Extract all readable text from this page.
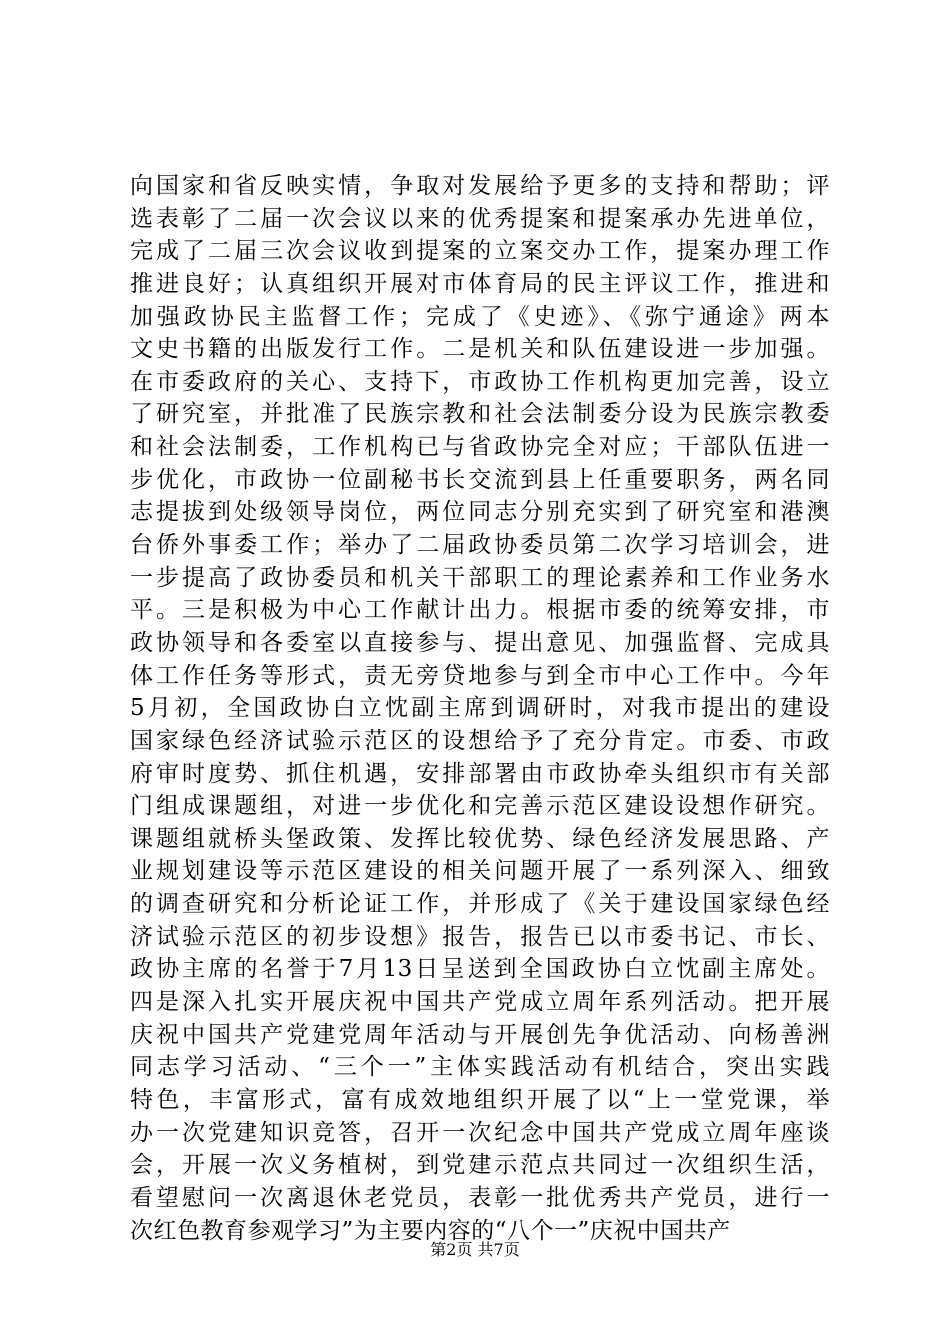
向国家和省反映实情，争取对发展给予更多的支持和帮助；评
选表彰了二届一次会议以来的优秀提案和提案承办先进单位，
完成了二届三次会议收到提案的立案交办工作，提案办理工作
推进良好；认真组织开展对市体育局的民主评议工作，推进和
加强政协民主监督工作；完成了《史迹》、《弥宁通途》两本
文史书籍的出版发行工作。二是机关和队伍建设进一步加强。
在市委政府的关心、支持下，市政协工作机构更加完善，设立
了研究室，并批准了民族宗教和社会法制委分设为民族宗教委
和社会法制委，工作机构已与省政协完全对应；干部队伍进一
步优化，市政协一位副秘书长交流到县上任重要职务，两名同
志提拔到处级领导岗位，两位同志分别充实到了研究室和港澳
台侨外事委工作；举办了二届政协委员第二次学习培训会，进
一步提高了政协委员和机关干部职工的理论素养和工作业务水
平。三是积极为中心工作献计出力。根据市委的统筹安排，市
政协领导和各委室以直接参与、提出意见、加强监督、完成具
体工作任务等形式，责无旁贷地参与到全市中心工作中。今年
5月初，全国政协白立忱副主席到调研时，对我市提出的建设
国家绿色经济试验示范区的设想给予了充分肯定。市委、市政
府审时度势、抓住机遇，安排部署由市政协牵头组织市有关部
门组成课题组，对进一步优化和完善示范区建设设想作研究。
课题组就桥头堡政策、发挥比较优势、绿色经济发展思路、产
业规划建设等示范区建设的相关问题开展了一系列深入、细致
的调查研究和分析论证工作，并形成了《关于建设国家绿色经
济试验示范区的初步设想》报告，报告已以市委书记、市长、
政协主席的名誉于7月13日呈送到全国政协白立忱副主席处。
四是深入扎实开展庆祝中国共产党成立周年系列活动。把开展
庆祝中国共产党建党周年活动与开展创先争优活动、向杨善洲
同志学习活动、“三个一”主体实践活动有机结合，突出实践
特色，丰富形式，富有成效地组织开展了以“上一堂党课，举
办一次党建知识竞答，召开一次纪念中国共产党成立周年座谈
会，开展一次义务植树，到党建示范点共同过一次组织生活，
看望慰问一次离退休老党员，表彰一批优秀共产党员，进行一
次红色教育参观学习”为主要内容的“八个一”庆祝中国共产
第2页 共7页
